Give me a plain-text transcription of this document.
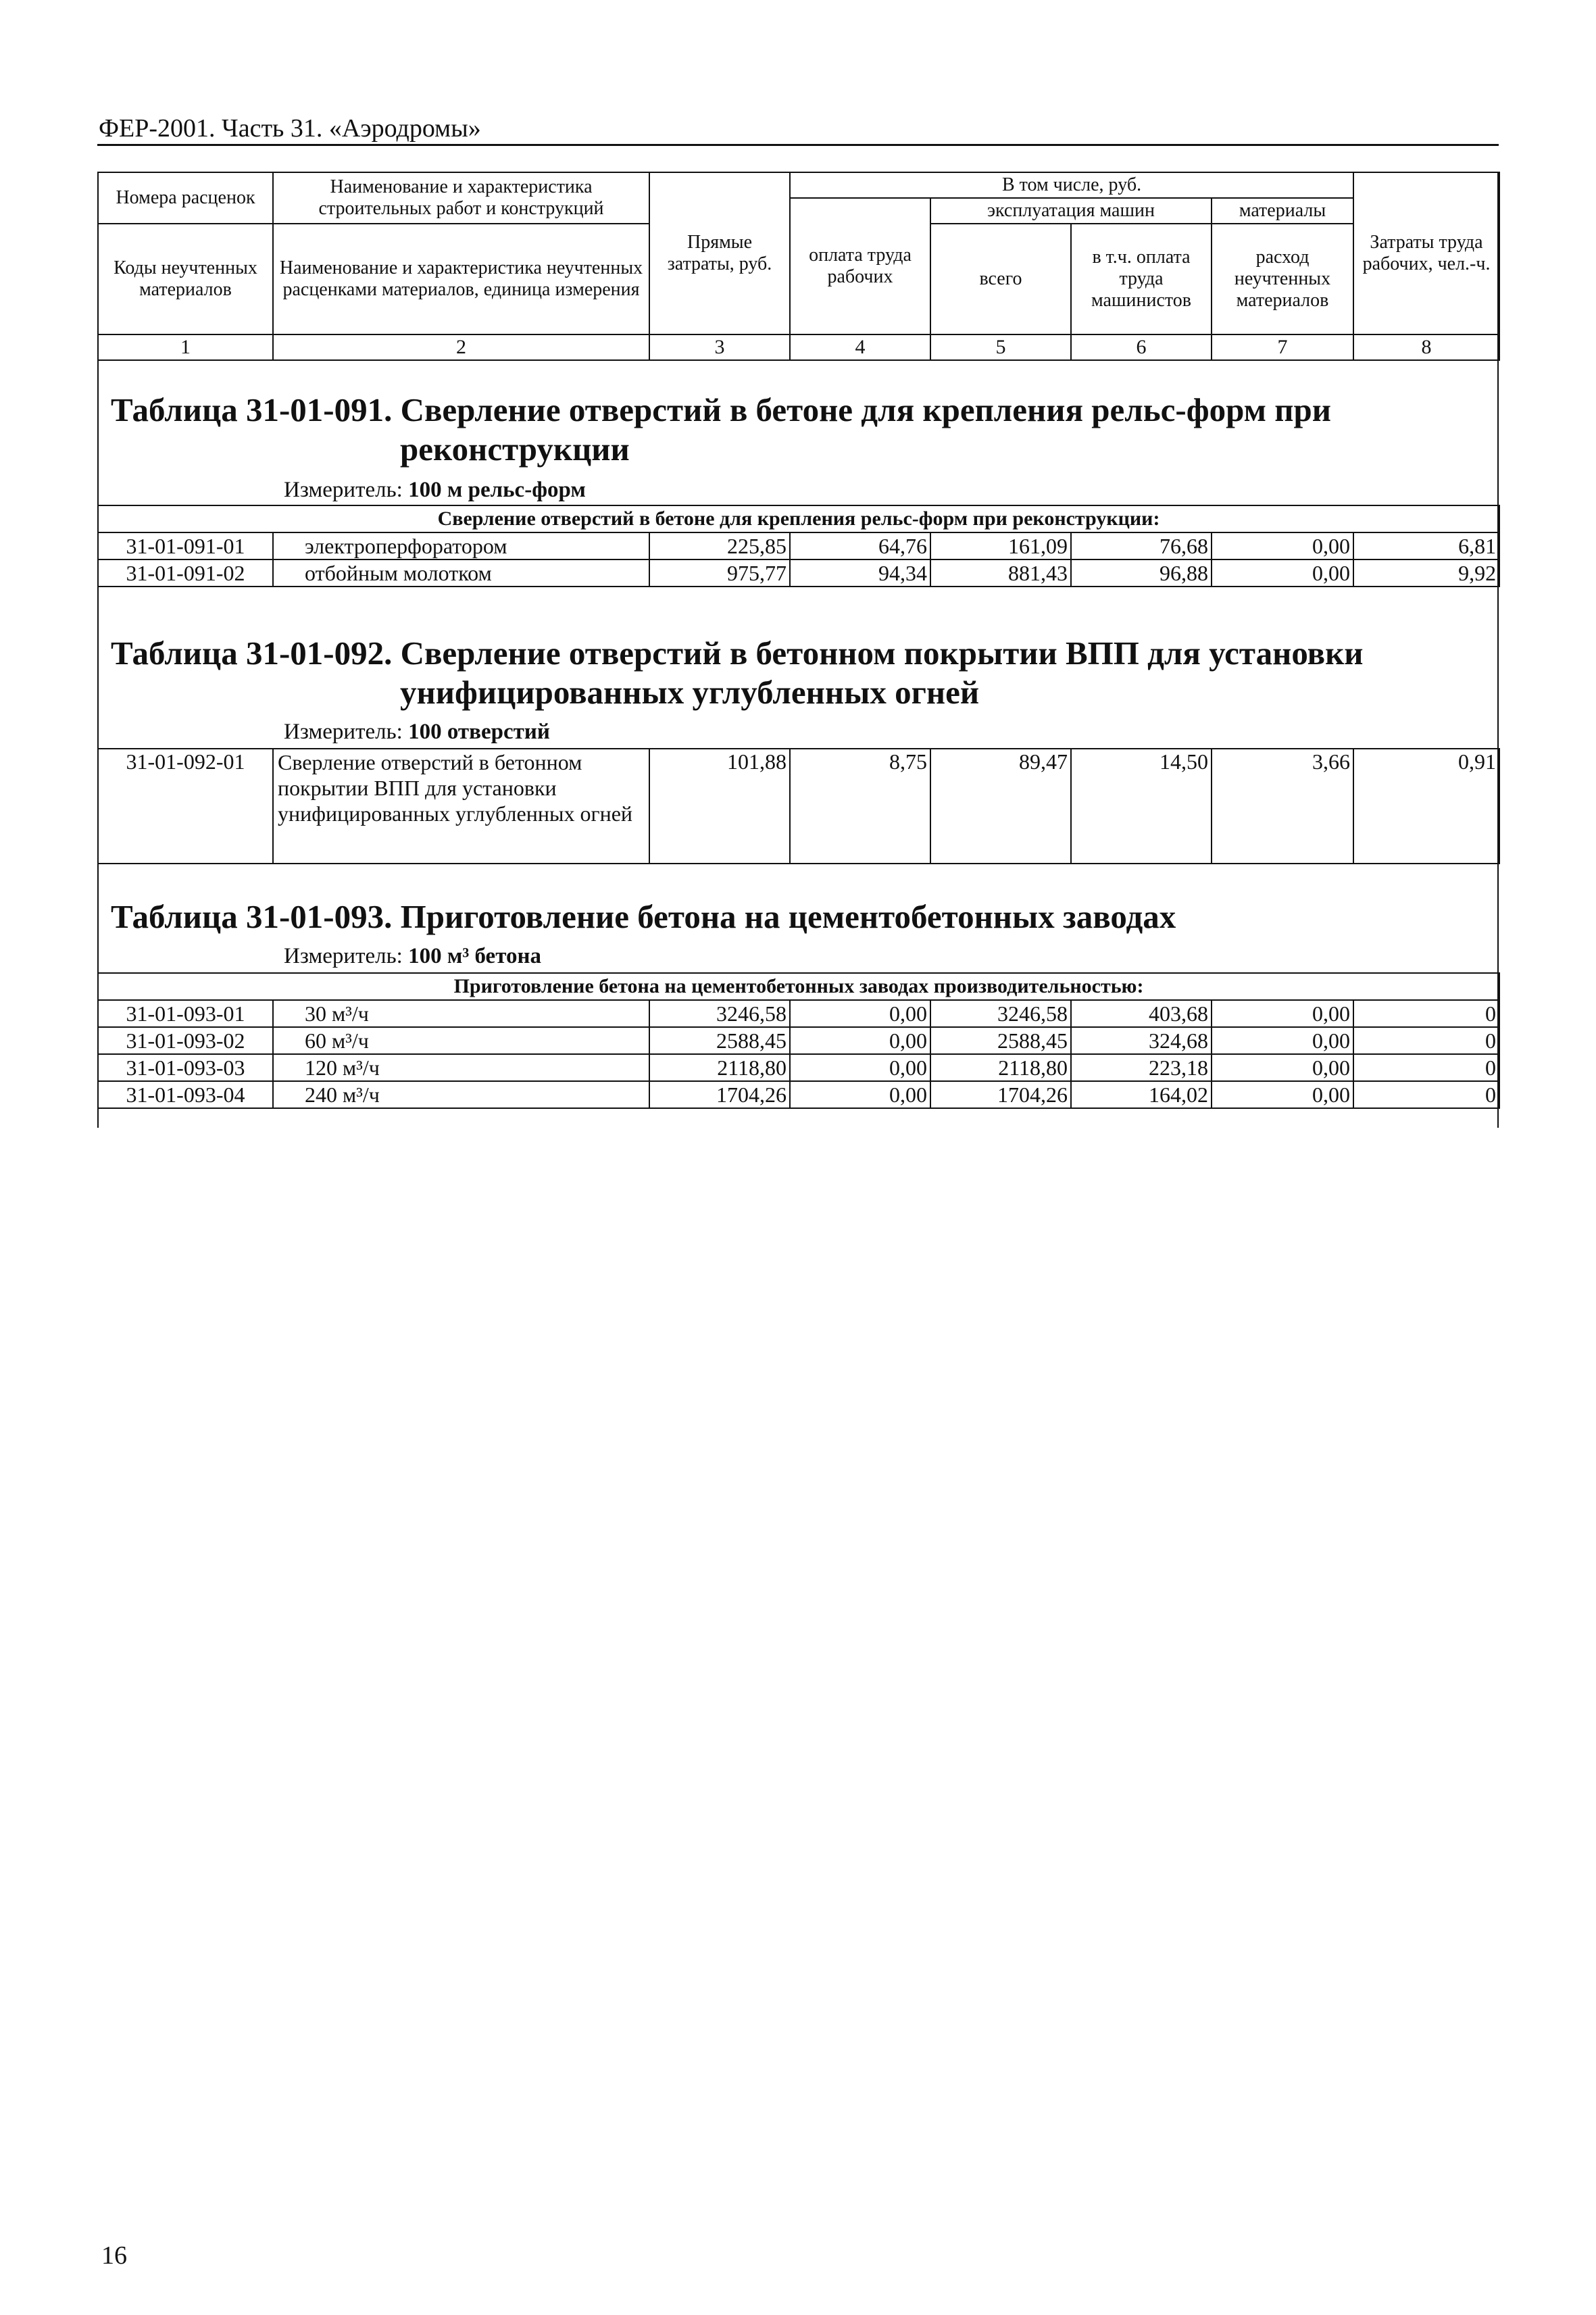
ФЕР-2001. Часть 31. «Аэродромы»
Номера расценок	Наименование и характеристика строительных работ и конструкций	Прямые затраты, руб.	В том числе, руб.				Затраты труда рабочих, чел.-ч.
			оплата труда рабочих	эксплуатация машин		материалы	
Коды неучтенных материалов	Наименование и характеристика неучтенных расценками материалов, единица измерения			всего	в т.ч. оплата труда машинистов	расход неучтенных материалов	

1	2	3	4	5	6	7	8
Таблица 31-01-091. Сверление отверстий в бетоне для крепления рельс-форм при
реконструкции
Измеритель: 100 м рельс-форм
Сверление отверстий в бетоне для крепления рельс-форм при реконструкции:							
31-01-091-01	электроперфоратором	225,85	64,76	161,09	76,68	0,00	6,81
31-01-091-02	отбойным молотком	975,77	94,34	881,43	96,88	0,00	9,92
Таблица 31-01-092. Сверление отверстий в бетонном покрытии ВПП для установки
унифицированных углубленных огней
Измеритель: 100 отверстий
31-01-092-01	Сверление отверстий в бетонном покрытии ВПП для установки унифицированных углубленных огней	101,88	8,75	89,47	14,50	3,66	0,91
Таблица 31-01-093. Приготовление бетона на цементобетонных заводах
Измеритель: 100 м³ бетона
Приготовление бетона на цементобетонных заводах производительностью:							
31-01-093-01	30 м³/ч	3246,58	0,00	3246,58	403,68	0,00	0
31-01-093-02	60 м³/ч	2588,45	0,00	2588,45	324,68	0,00	0
31-01-093-03	120 м³/ч	2118,80	0,00	2118,80	223,18	0,00	0
31-01-093-04	240 м³/ч	1704,26	0,00	1704,26	164,02	0,00	0
16
